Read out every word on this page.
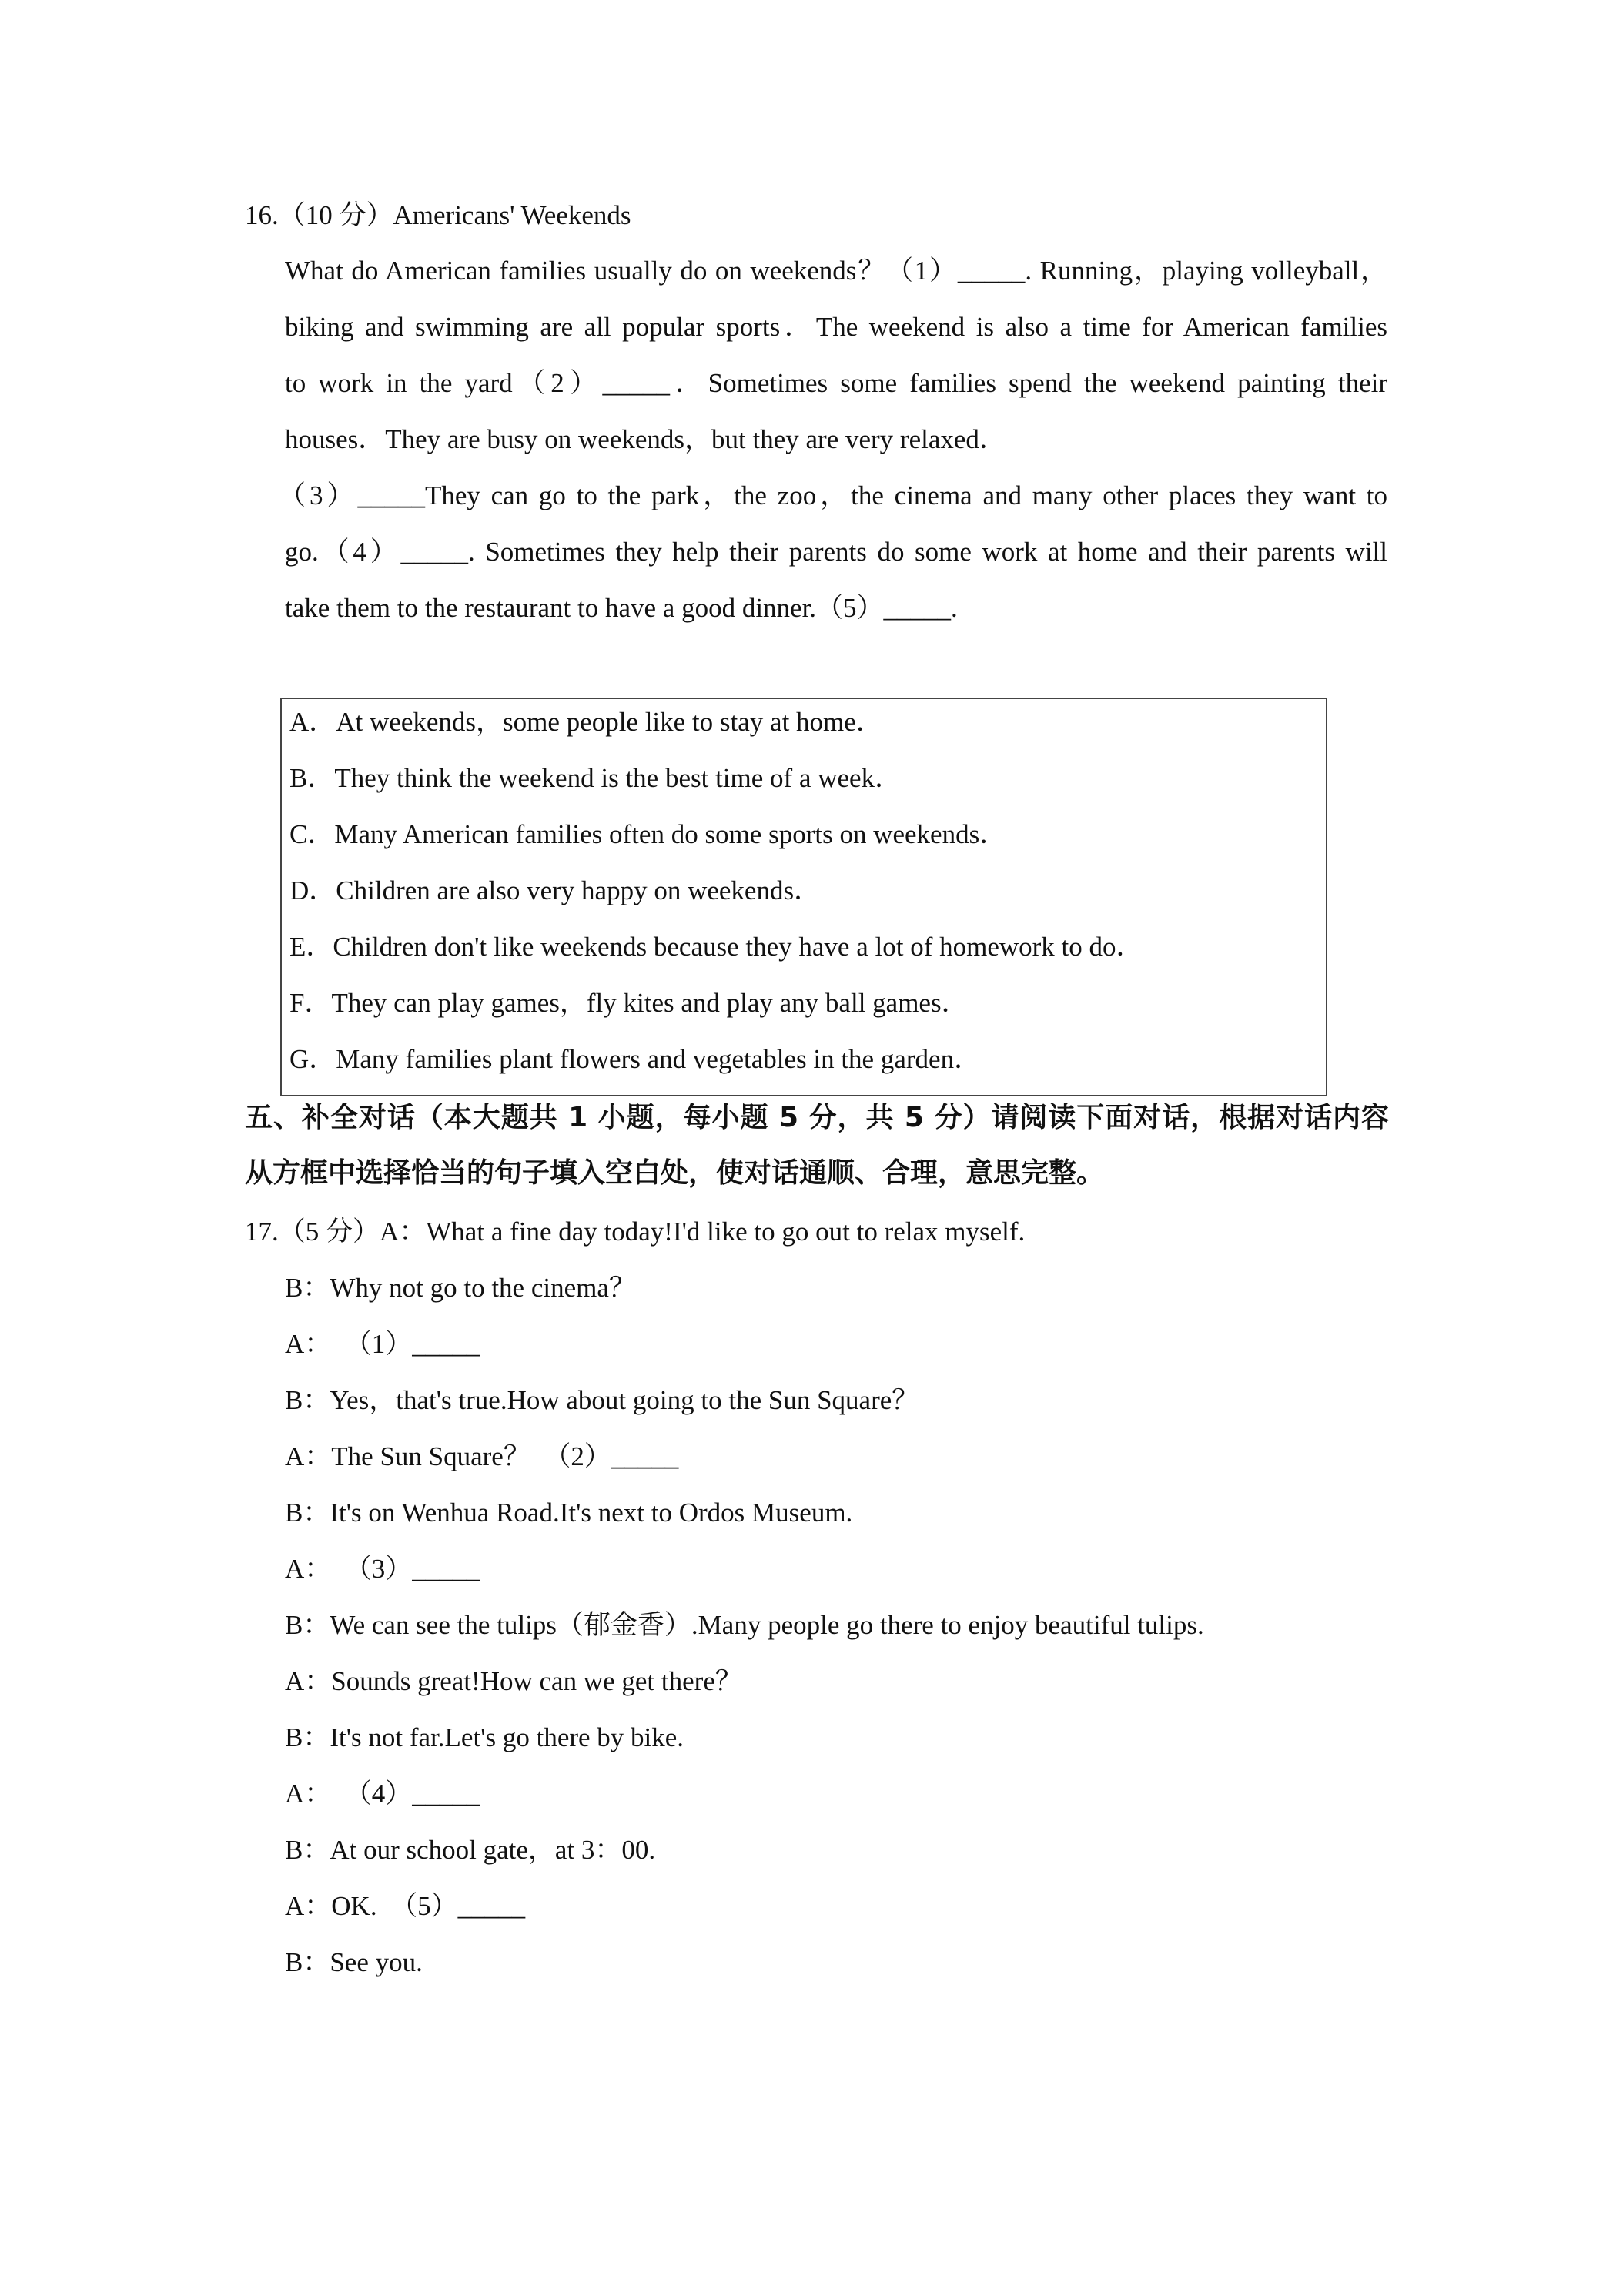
16.（10 分）Americans' Weekends
What do American families usually do on weekends？（1）_____. Running，playing volleyball，
biking and swimming are all popular sports．The weekend is also a time for American families
to work in the yard（2）_____．Sometimes some families spend the weekend painting their
houses．They are busy on weekends，but they are very relaxed．
（3）_____They can go to the park，the zoo，the cinema and many other places they want to
go.（4）_____. Sometimes they help their parents do some work at home and their parents will
take them to the restaurant to have a good dinner.（5）_____.
A．At weekends，some people like to stay at home．
B．They think the weekend is the best time of a week．
C．Many American families often do some sports on weekends．
D．Children are also very happy on weekends．
E．Children don't like weekends because they have a lot of homework to do．
F．They can play games，fly kites and play any ball games．
G．Many families plant flowers and vegetables in the garden．
五、补全对话（本大题共 1 小题，每小题 5 分，共 5 分）请阅读下面对话，根据对话内容
从方框中选择恰当的句子填入空白处，使对话通顺、合理，意思完整。
17.（5 分）A：What a fine day today!I'd like to go out to relax myself.
B：Why not go to the cinema？
A：  （1）_____
B：Yes，that's true.How about going to the Sun Square？
A：The Sun Square？  （2）_____
B：It's on Wenhua Road.It's next to Ordos Museum.
A：  （3）_____
B：We can see the tulips（郁金香）.Many people go there to enjoy beautiful tulips.
A：Sounds great!How can we get there？
B：It's not far.Let's go there by bike.
A：  （4）_____
B：At our school gate，at 3：00.
A：OK.  （5）_____
B：See you.
